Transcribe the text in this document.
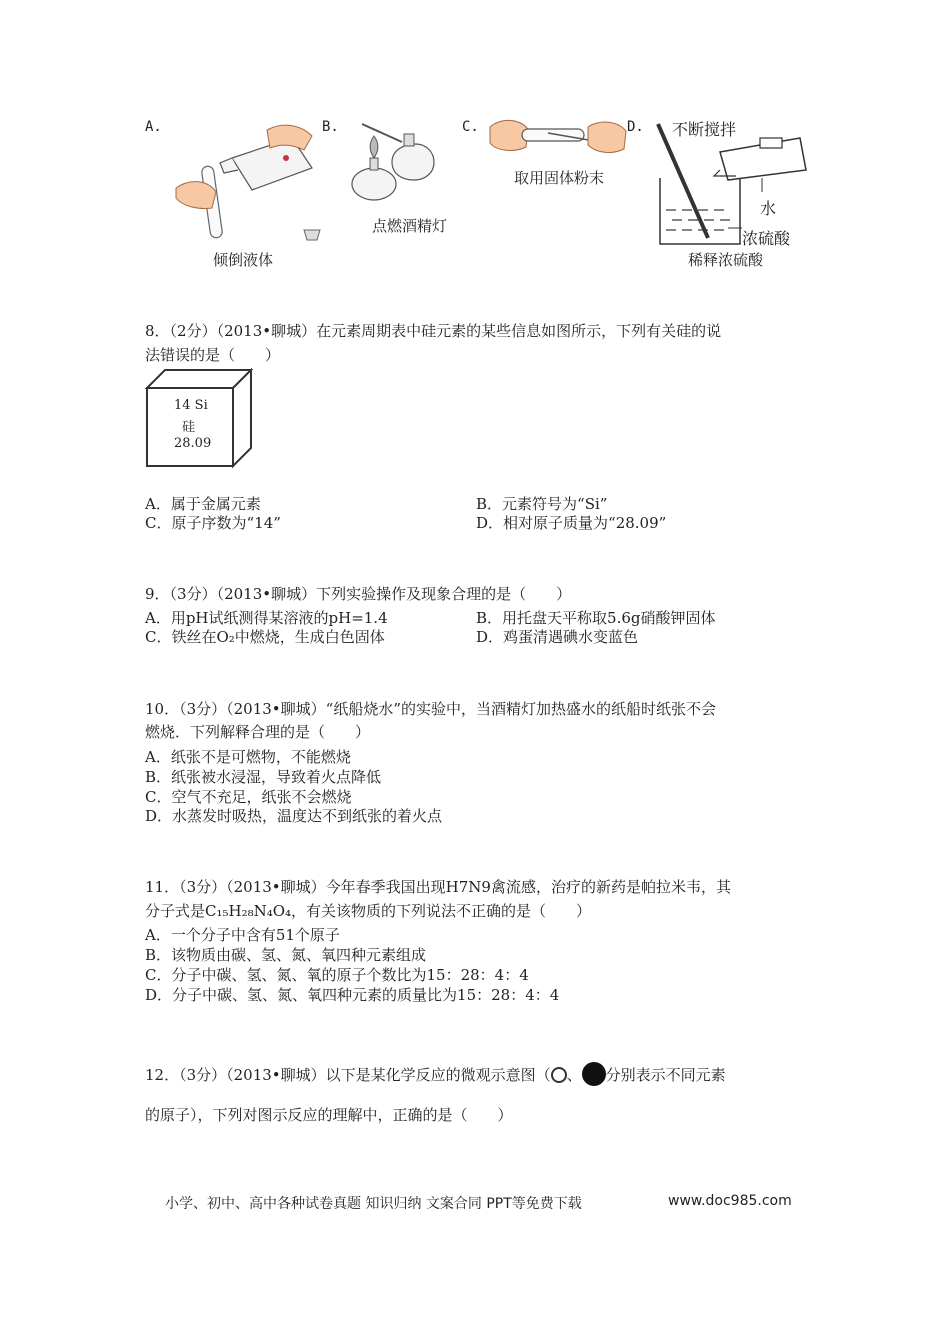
A.
倾倒液体
B.
点燃酒精灯
C.
取用固体粉末
D. 不断搅拌
水
浓硫酸
稀释浓硫酸
8．（2分）（2013•聊城）在元素周期表中硅元素的某些信息如图所示，下列有关硅的说
法错误的是（　　）
14 Si
硅
28.09
A．属于金属元素	B．元素符号为“Si”
C．原子序数为“14”	D．相对原子质量为“28.09”
9．（3分）（2013•聊城）下列实验操作及现象合理的是（　　）
A．用pH试纸测得某溶液的pH=1.4	B．用托盘天平称取5.6g硝酸钾固体
C．铁丝在O₂中燃烧，生成白色固体	D．鸡蛋清遇碘水变蓝色
10．（3分）（2013•聊城）“纸船烧水”的实验中，当酒精灯加热盛水的纸船时纸张不会
燃烧．下列解释合理的是（　　）
A．纸张不是可燃物，不能燃烧
B．纸张被水浸湿，导致着火点降低
C．空气不充足，纸张不会燃烧
D．水蒸发时吸热，温度达不到纸张的着火点
11．（3分）（2013•聊城）今年春季我国出现H7N9禽流感，治疗的新药是帕拉米韦，其
分子式是C₁₅H₂₈N₄O₄，有关该物质的下列说法不正确的是（　　）
A．一个分子中含有51个原子
B．该物质由碳、氢、氮、氧四种元素组成
C．分子中碳、氢、氮、氧的原子个数比为15：28：4：4
D．分子中碳、氢、氮、氧四种元素的质量比为15：28：4：4
12．（3分）（2013•聊城）以下是某化学反应的微观示意图（ 、 分别表示不同元素
的原子），下列对图示反应的理解中，正确的是（　　）
小学、初中、高中各种试卷真题 知识归纳 文案合同 PPT等免费下载	www.doc985.com
